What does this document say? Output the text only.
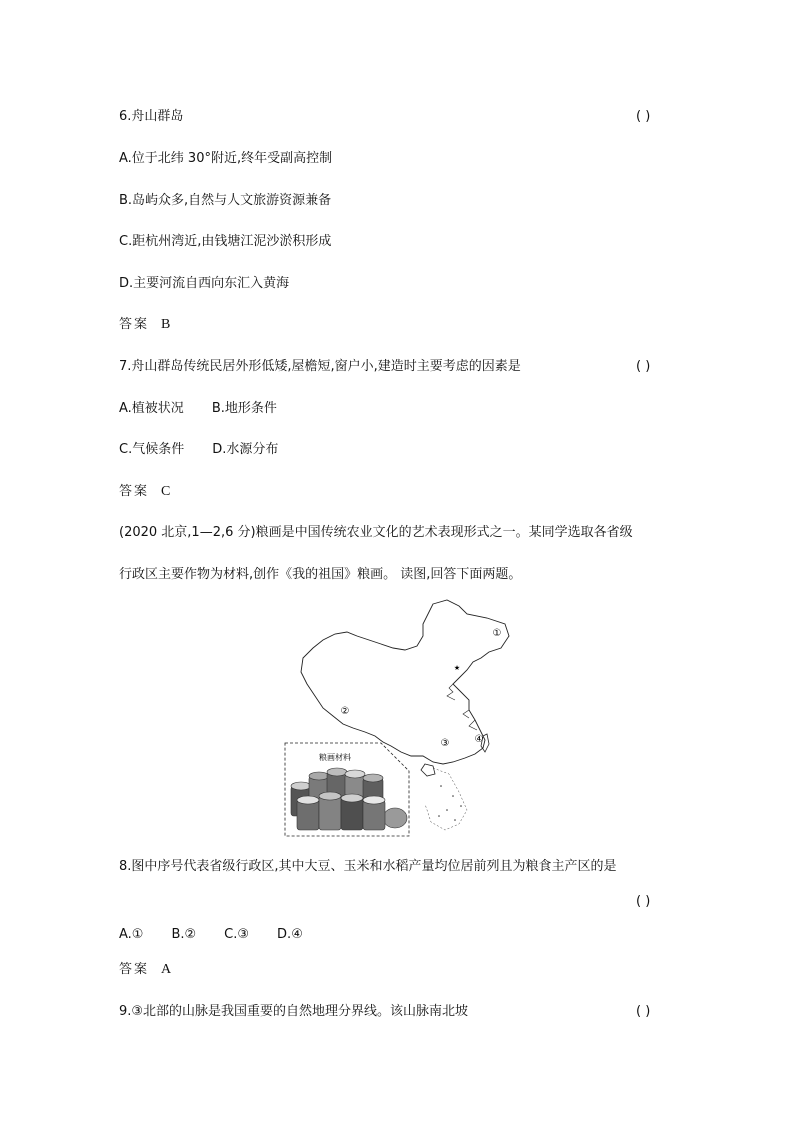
6.舟山群岛	( )
A.位于北纬 30°附近,终年受副高控制
B.岛屿众多,自然与人文旅游资源兼备
C.距杭州湾近,由钱塘江泥沙淤积形成
D.主要河流自西向东汇入黄海
答案 B
7.舟山群岛传统民居外形低矮,屋檐短,窗户小,建造时主要考虑的因素是	( )
A.植被状况 B.地形条件
C.气候条件 D.水源分布
答案 C
(2020 北京,1—2,6 分)粮画是中国传统农业文化的艺术表现形式之一。某同学选取各省级
行政区主要作物为材料,创作《我的祖国》粮画。 读图,回答下面两题。
①
②
③	④
★
粮画材料
8.图中序号代表省级行政区,其中大豆、玉米和水稻产量均位居前列且为粮食主产区的是
( )
A.① B.② C.③ D.④
答案 A
9.③北部的山脉是我国重要的自然地理分界线。该山脉南北坡	( )
